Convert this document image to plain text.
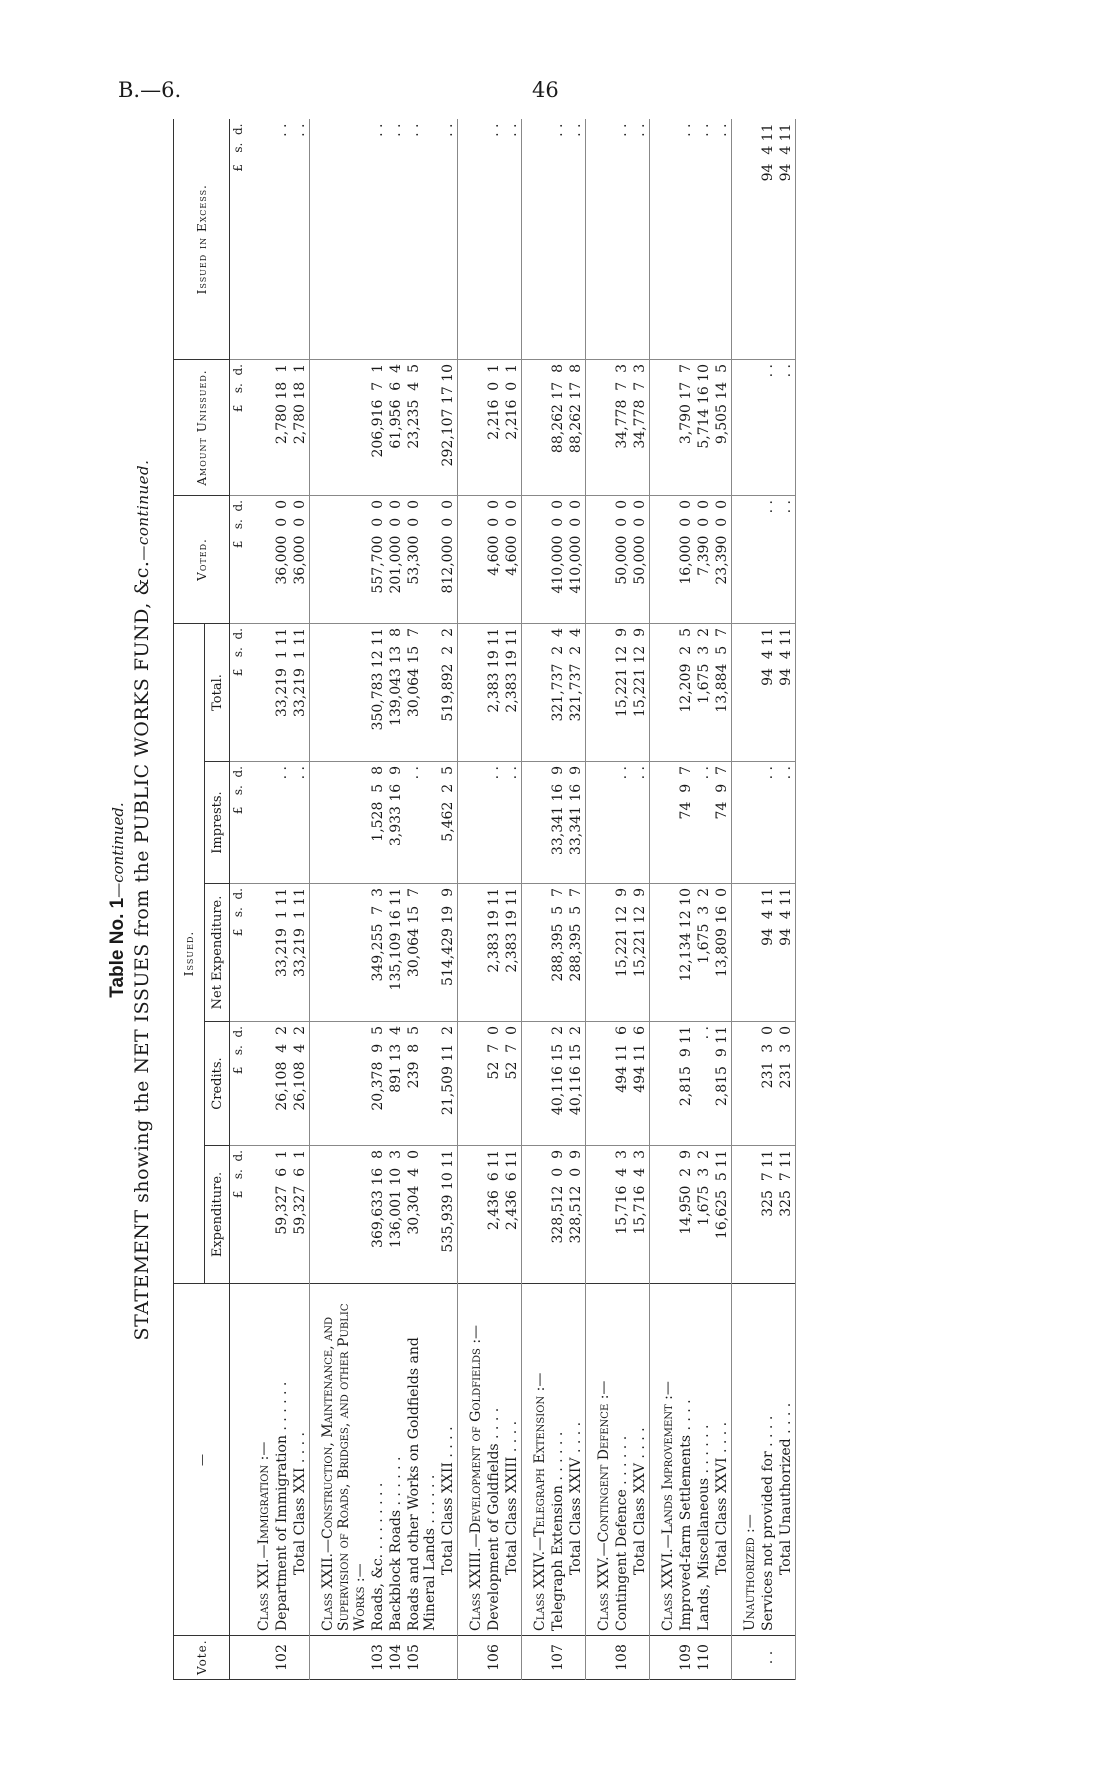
B.—6.	46
Table No. 1—continued. STATEMENT showing the NET ISSUES from the PUBLIC WORKS FUND, &c.—continued.
Vote.	—	Issued.					Voted.	Amount Unissued.	Issued in Excess.
		Expenditure.	Credits.	Net Expenditure.	Imprests.	Total.			
		£   s.  d.	£   s.  d.	£   s.  d.	£   s.  d.	£   s.  d.	£   s.  d.	£   s.  d.	£   s.  d.
	Class XXI.—Immigration :—								
102	Department of Immigration . . . . . .	59,327  6  1	26,108  4  2	33,219  1 11	. .	33,219  1 11	36,000  0  0	2,780 18  1	. .
	Total Class XXI . . . .	59,327  6  1	26,108  4  2	33,219  1 11	. .	33,219  1 11	36,000  0  0	2,780 18  1	. .
	Class XXII.—Construction, Maintenance, and Supervision of Roads, Bridges, and other Public Works :—								
103	Roads, &c. . . . . . . . .	369,633 16  8	20,378  9  5	349,255  7  3	1,528  5  8	350,783 12 11	557,700  0  0	206,916  7  1	. .
104	Backblock Roads . . . . . .	136,001 10  3	891 13  4	135,109 16 11	3,933 16  9	139,043 13  8	201,000  0  0	61,956  6  4	. .
105	Roads and other Works on Goldfields and Mineral Lands . . . . . .	30,304  4  0	239  8  5	30,064 15  7	. .	30,064 15  7	53,300  0  0	23,235  4  5	. .
	Total Class XXII . . . .	535,939 10 11	21,509 11  2	514,429 19  9	5,462  2  5	519,892  2  2	812,000  0  0	292,107 17 10	. .
	Class XXIII.—Development of Goldfields :—								
106	Development of Goldfields . . . .	2,436  6 11	52  7  0	2,383 19 11	. .	2,383 19 11	4,600  0  0	2,216  0  1	. .
	Total Class XXIII . . . .	2,436  6 11	52  7  0	2,383 19 11	. .	2,383 19 11	4,600  0  0	2,216  0  1	. .
	Class XXIV.—Telegraph Extension :—								
107	Telegraph Extension . . . . . .	328,512  0  9	40,116 15  2	288,395  5  7	33,341 16  9	321,737  2  4	410,000  0  0	88,262 17  8	. .
	Total Class XXIV . . . .	328,512  0  9	40,116 15  2	288,395  5  7	33,341 16  9	321,737  2  4	410,000  0  0	88,262 17  8	. .
	Class XXV.—Contingent Defence :—								
108	Contingent Defence . . . . . .	15,716  4  3	494 11  6	15,221 12  9	. .	15,221 12  9	50,000  0  0	34,778  7  3	. .
	Total Class XXV . . . .	15,716  4  3	494 11  6	15,221 12  9	. .	15,221 12  9	50,000  0  0	34,778  7  3	. .
	Class XXVI.—Lands Improvement :—								
109	Improved-farm Settlements . . . .	14,950  2  9	2,815  9 11	12,134 12 10	74  9  7	12,209  2  5	16,000  0  0	3,790 17  7	. .
110	Lands, Miscellaneous . . . . . .	1,675  3  2	. .	1,675  3  2	. .	1,675  3  2	7,390  0  0	5,714 16 10	. .
	Total Class XXVI . . . .	16,625  5 11	2,815  9 11	13,809 16  0	74  9  7	13,884  5  7	23,390  0  0	9,505 14  5	. .
	Unauthorized :—								
. .	Services not provided for . . . .	325  7 11	231  3  0	94  4 11	. .	94  4 11	. .	. .	94  4 11
	Total Unauthorized . . . .	325  7 11	231  3  0	94  4 11	. .	94  4 11	. .	. .	94  4 11
